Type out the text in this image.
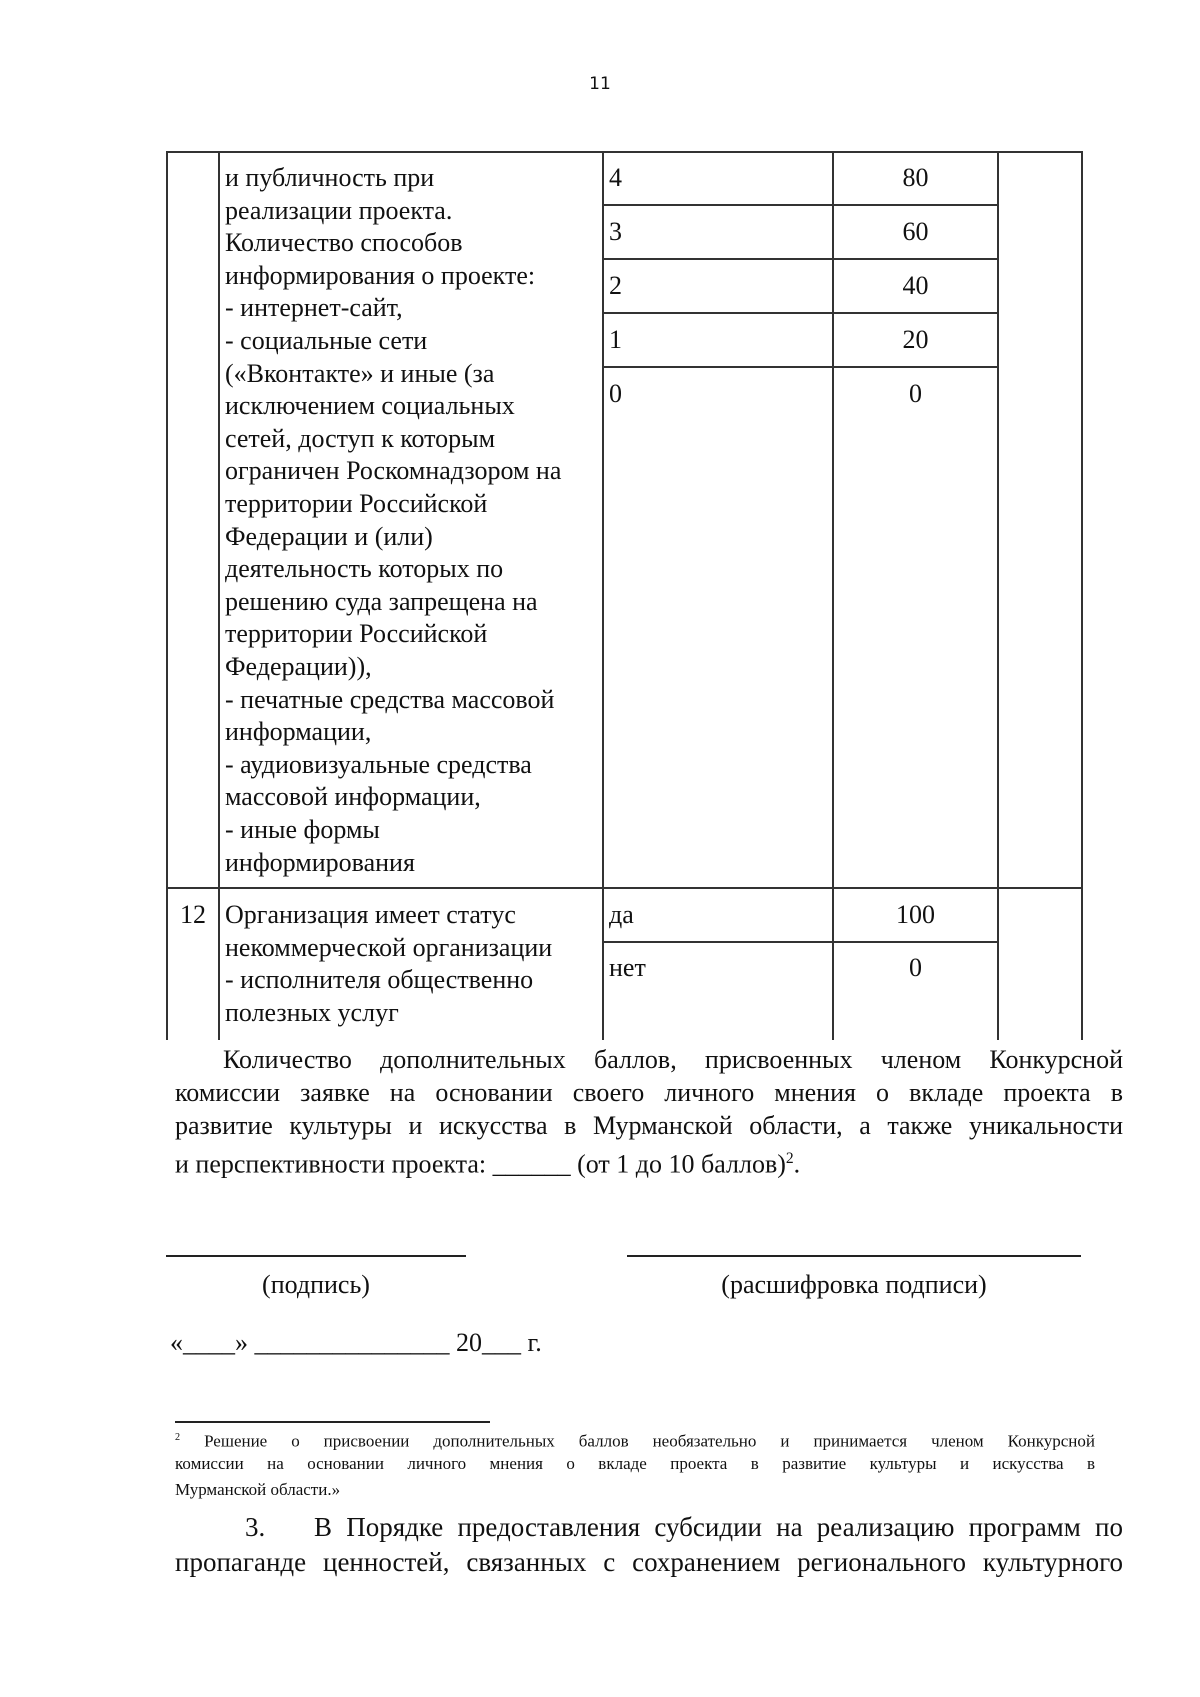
11
и публичность при
реализации проекта.
Количество способов
информирования о проекте:
- интернет-сайт,
- социальные сети
(«Вконтакте» и иные (за
исключением социальных
сетей, доступ к которым
ограничен Роскомнадзором на
территории Российской
Федерации и (или)
деятельность которых по
решению суда запрещена на
территории Российской
Федерации)),
- печатные средства массовой
информации,
- аудиовизуальные средства
массовой информации,
- иные формы
информирования
4	80
3	60
2	40
1	20
0	0
12 Организация имеет статус
некоммерческой организации
- исполнителя общественно
полезных услуг
да	100
нет	0
Количество дополнительных баллов, присвоенных членом Конкурсной
комиссии заявке на основании своего личного мнения о вкладе проекта в
развитие культуры и искусства в Мурманской области, а также уникальности
и перспективности проекта: ______ (от 1 до 10 баллов)$^2$.
(подпись)	(расшифровка подписи)
«____» _______________ 20___ г.
$^2$ Решение о присвоении дополнительных баллов необязательно и принимается членом Конкурсной
комиссии на основании личного мнения о вкладе проекта в развитие культуры и искусства в
Мурманской области.»
3. В Порядке предоставления субсидии на реализацию программ по
пропаганде ценностей, связанных с сохранением регионального культурного
